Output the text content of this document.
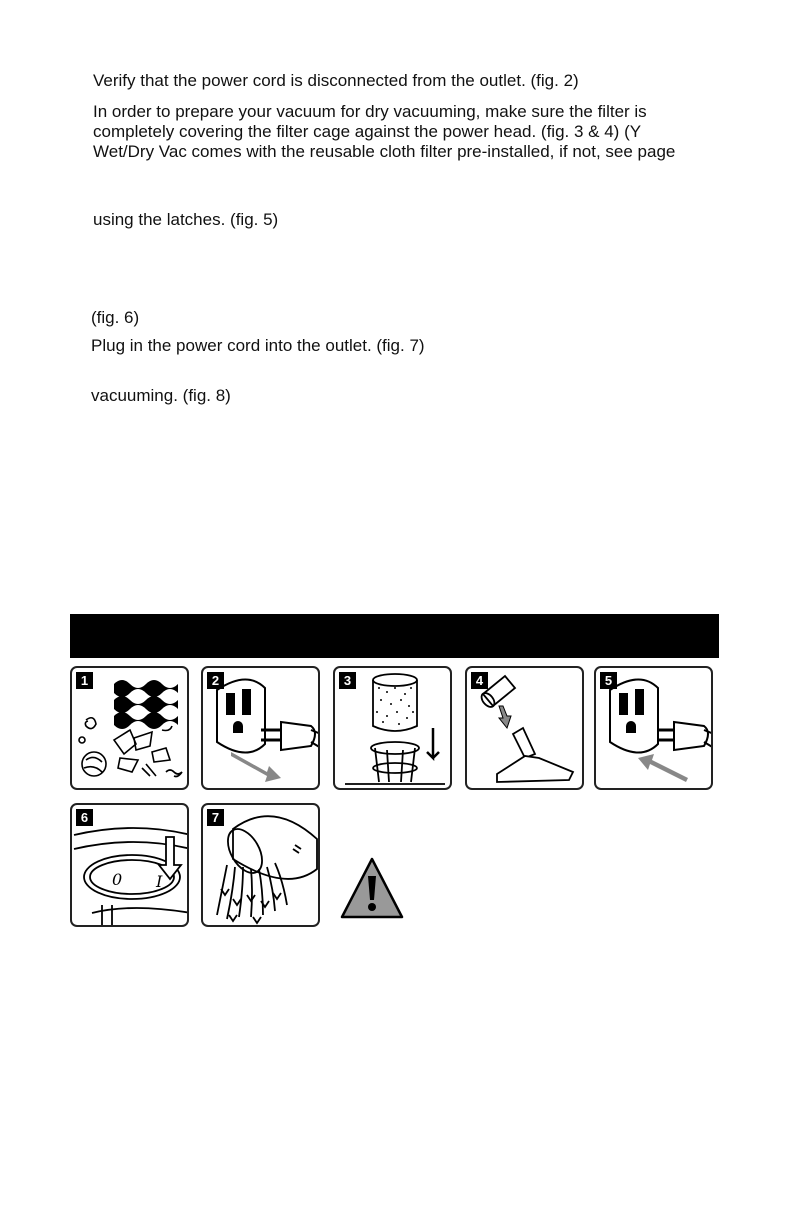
Verify that the power cord is disconnected from the outlet. (fig. 2)
In order to prepare your vacuum for dry vacuuming, make sure the filter is
completely covering the filter cage against the power head. (fig. 3 & 4) (Y
Wet/Dry Vac comes with the reusable cloth filter pre-installed, if not, see page
using the latches. (fig. 5)
(fig. 6)
Plug in the power cord into the outlet. (fig. 7)
vacuuming. (fig. 8)
1	2	3	4	5
6
0 I
7
